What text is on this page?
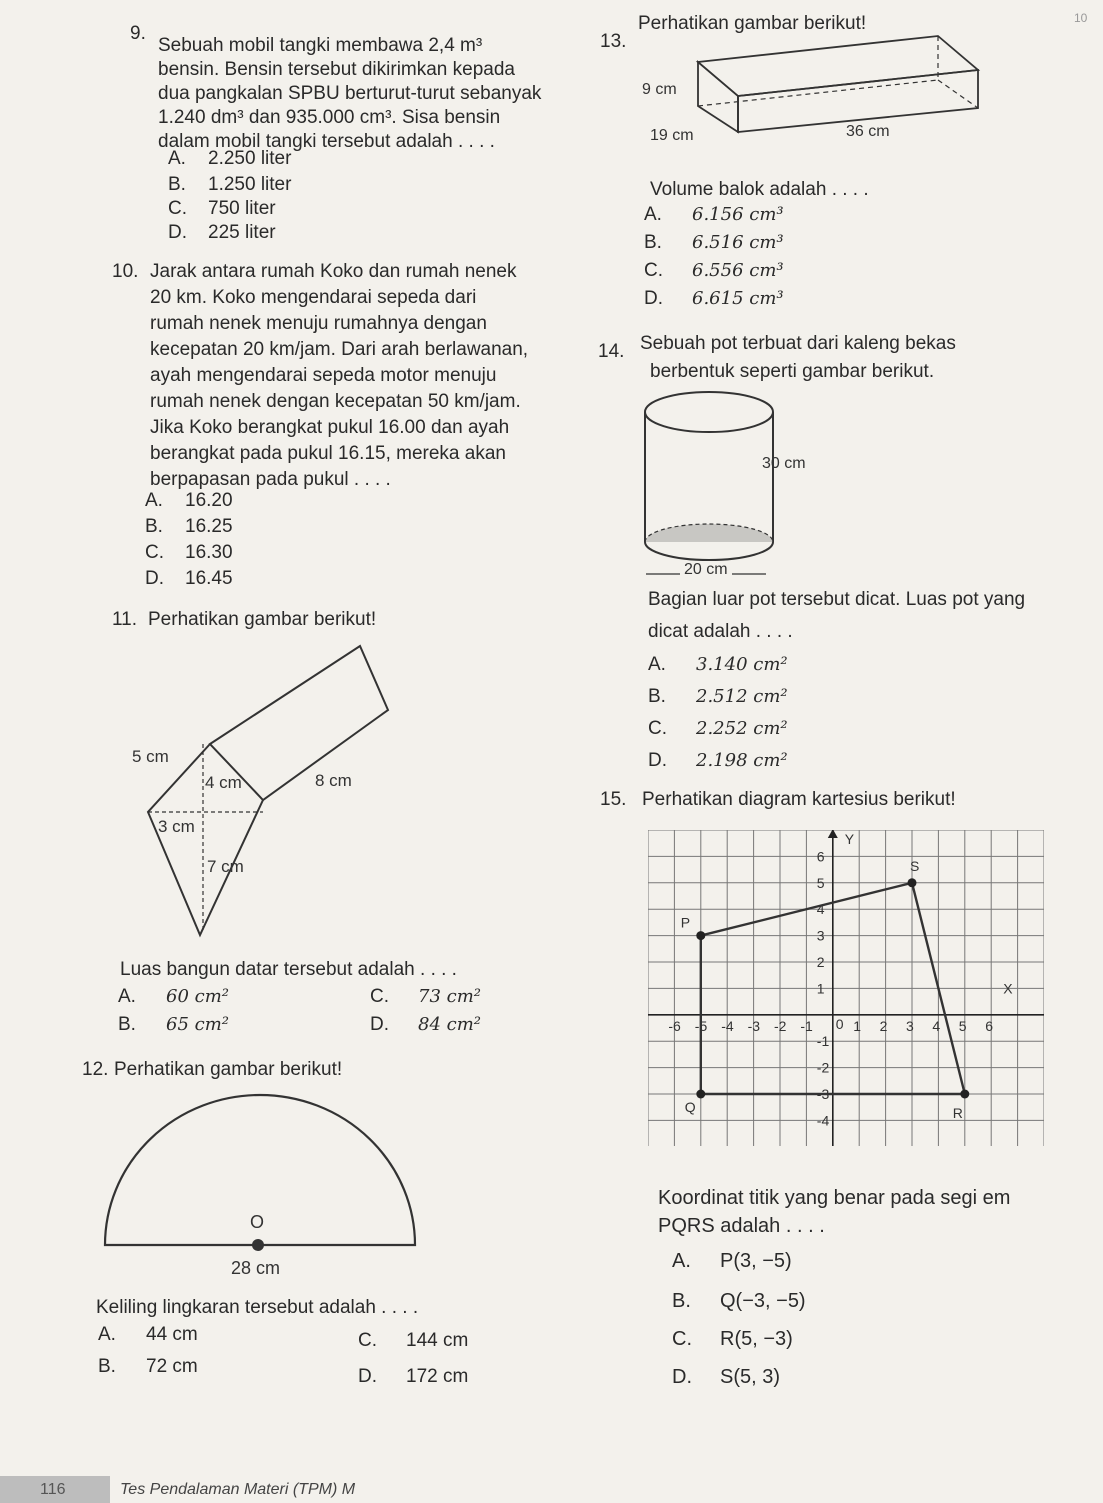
9.
Sebuah mobil tangki membawa 2,4 m³
bensin. Bensin tersebut dikirimkan kepada
dua pangkalan SPBU berturut-turut sebanyak
1.240 dm³ dan 935.000 cm³. Sisa bensin
dalam mobil tangki tersebut adalah . . . .
A. 2.250 liter
B. 1.250 liter
C. 750 liter
D. 225 liter
10. Jarak antara rumah Koko dan rumah nenek
20 km. Koko mengendarai sepeda dari
rumah nenek menuju rumahnya dengan
kecepatan 20 km/jam. Dari arah berlawanan,
ayah mengendarai sepeda motor menuju
rumah nenek dengan kecepatan 50 km/jam.
Jika Koko berangkat pukul 16.00 dan ayah
berangkat pada pukul 16.15, mereka akan
berpapasan pada pukul . . . .
A. 16.20
B. 16.25
C. 16.30
D. 16.45
11. Perhatikan gambar berikut!
5 cm
4 cm	8 cm
3 cm
7 cm
Luas bangun datar tersebut adalah . . . .
A. 60 cm²
B. 65 cm²
C. 73 cm²
D. 84 cm²
12. Perhatikan gambar berikut!
O
28 cm
Keliling lingkaran tersebut adalah . . . .
A. 44 cm
B. 72 cm
C. 144 cm
D. 172 cm
13.
Perhatikan gambar berikut!
9 cm
19 cm	36 cm
Volume balok adalah . . . .
A. 6.156 cm³
B. 6.516 cm³
C. 6.556 cm³
D. 6.615 cm³
14. Sebuah pot terbuat dari kaleng bekas
berbentuk seperti gambar berikut.
30 cm
20 cm
Bagian luar pot tersebut dicat. Luas pot yang
dicat adalah . . . .
A. 3.140 cm²
B. 2.512 cm²
C. 2.252 cm²
D. 2.198 cm²
15. Perhatikan diagram kartesius berikut!
Y
X
-6 -5 -4 -3 -2 -1	1 2 3 4 5 6
6
5
4
3
2
1
-1
-2
-3
-4
0
P
S
R
Q
Koordinat titik yang benar pada segi em
PQRS adalah . . . .
A. P(3, −5)
B. Q(−3, −5)
C. R(5, −3)
D. S(5, 3)
10
116	Tes Pendalaman Materi (TPM) M
